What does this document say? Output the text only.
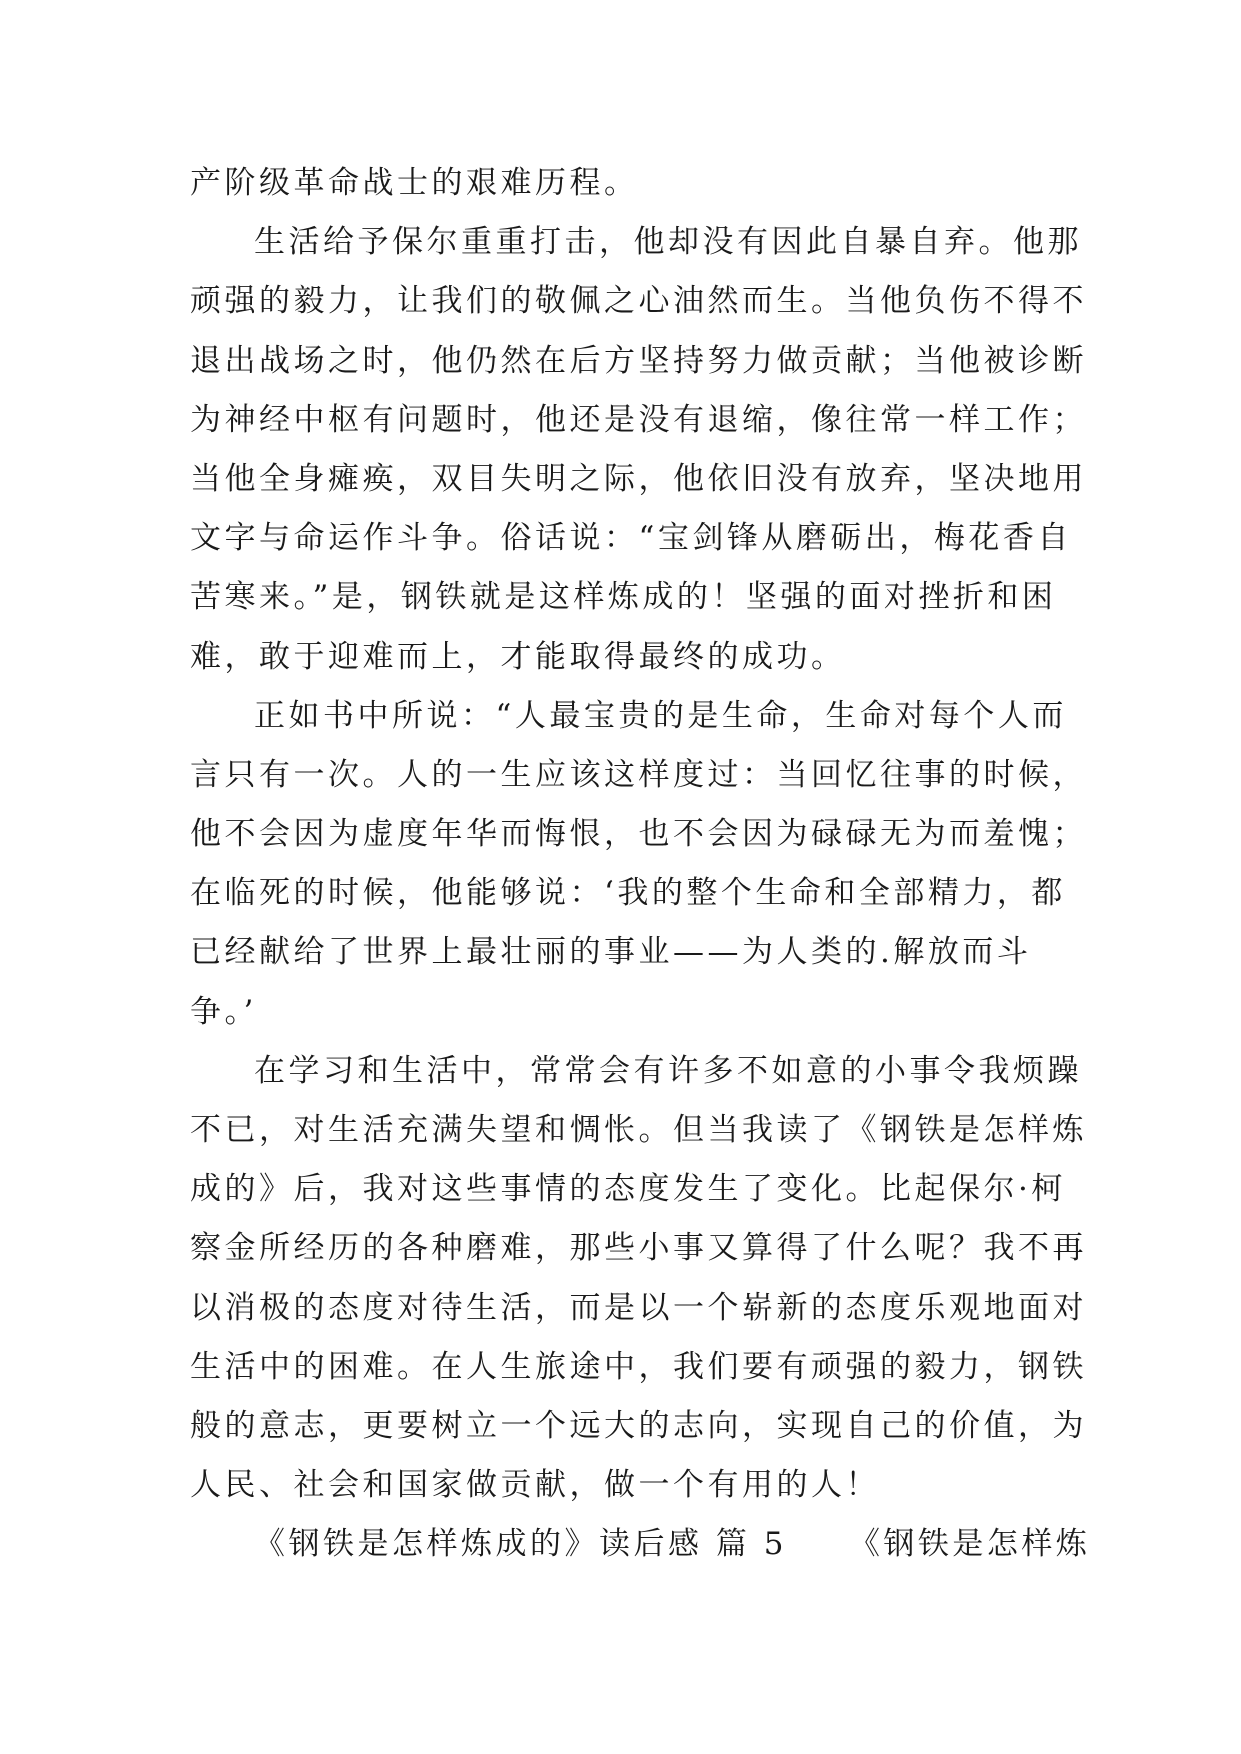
产阶级革命战士的艰难历程。
生活给予保尔重重打击，他却没有因此自暴自弃。他那
顽强的毅力，让我们的敬佩之心油然而生。当他负伤不得不
退出战场之时，他仍然在后方坚持努力做贡献；当他被诊断
为神经中枢有问题时，他还是没有退缩，像往常一样工作；
当他全身瘫痪，双目失明之际，他依旧没有放弃，坚决地用
文字与命运作斗争。俗话说：“宝剑锋从磨砺出，梅花香自
苦寒来。”是，钢铁就是这样炼成的！坚强的面对挫折和困
难，敢于迎难而上，才能取得最终的成功。
正如书中所说：“人最宝贵的是生命，生命对每个人而
言只有一次。人的一生应该这样度过：当回忆往事的时候，
他不会因为虚度年华而悔恨，也不会因为碌碌无为而羞愧；
在临死的时候，他能够说：‘我的整个生命和全部精力，都
已经献给了世界上最壮丽的事业——为人类的.解放而斗
争。’
在学习和生活中，常常会有许多不如意的小事令我烦躁
不已，对生活充满失望和惆怅。但当我读了《钢铁是怎样炼
成的》后，我对这些事情的态度发生了变化。比起保尔·柯
察金所经历的各种磨难，那些小事又算得了什么呢？我不再
以消极的态度对待生活，而是以一个崭新的态度乐观地面对
生活中的困难。在人生旅途中，我们要有顽强的毅力，钢铁
般的意志，更要树立一个远大的志向，实现自己的价值，为
人民、社会和国家做贡献，做一个有用的人！
《钢铁是怎样炼成的》读后感 篇 5 《钢铁是怎样炼
